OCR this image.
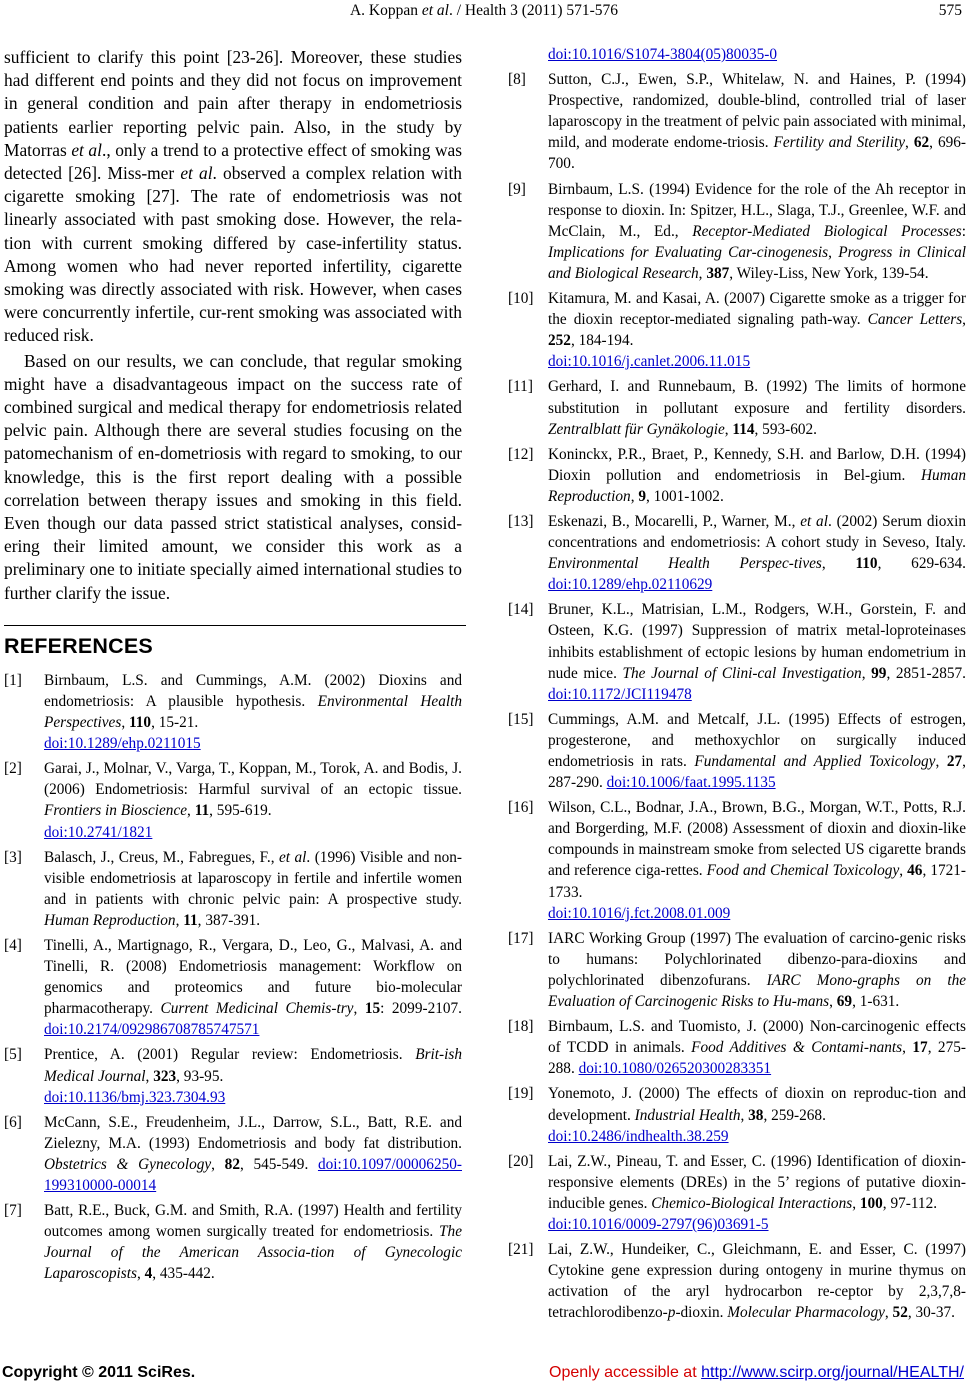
A. Koppan et al. / Health 3 (2011) 571-576	575

sufficient to clarify this point [23-26]. Moreover, these studies had different end points and they did not focus on improvement in general condition and pain after therapy in endometriosis patients earlier reporting pelvic pain. Also, in the study by Matorras et al., only a trend to a protective effect of smoking was detected [26]. Miss-mer et al. observed a complex relation with cigarette smoking [27]. The rate of endometriosis was not linearly associated with past smoking dose. However, the rela-tion with current smoking differed by case-infertility status. Among women who had never reported infertility, cigarette smoking was directly associated with risk. However, when cases were concurrently infertile, cur-rent smoking was associated with reduced risk.

Based on our results, we can conclude, that regular smoking might have a disadvantageous impact on the success rate of combined surgical and medical therapy for endometriosis related pelvic pain. Although there are several studies focusing on the patomechanism of en-dometriosis with regard to smoking, to our knowledge, this is the first report dealing with a possible correlation between therapy issues and smoking in this field. Even though our data passed strict statistical analyses, consid-ering their limited amount, we consider this work as a preliminary one to initiate specially aimed international studies to further clarify the issue.

REFERENCES
[1]	Birnbaum, L.S. and Cummings, A.M. (2002) Dioxins and endometriosis: A plausible hypothesis. Environmental Health Perspectives, 110, 15-21.
doi:10.1289/ehp.0211015
[2]	Garai, J., Molnar, V., Varga, T., Koppan, M., Torok, A. and Bodis, J. (2006) Endometriosis: Harmful survival of an ectopic tissue. Frontiers in Bioscience, 11, 595-619.
doi:10.2741/1821
[3]	Balasch, J., Creus, M., Fabregues, F., et al. (1996) Visible and non-visible endometriosis at laparoscopy in fertile and infertile women and in patients with chronic pelvic pain: A prospective study. Human Reproduction, 11, 387-391.
[4]	Tinelli, A., Martignago, R., Vergara, D., Leo, G., Malvasi, A. and Tinelli, R. (2008) Endometriosis management: Workflow on genomics and proteomics and future bio-molecular pharmacotherapy. Current Medicinal Chemis-try, 15: 2099-2107. doi:10.2174/092986708785747571
[5]	Prentice, A. (2001) Regular review: Endometriosis. Brit-ish Medical Journal, 323, 93-95.
doi:10.1136/bmj.323.7304.93
[6]	McCann, S.E., Freudenheim, J.L., Darrow, S.L., Batt, R.E. and Zielezny, M.A. (1993) Endometriosis and body fat distribution. Obstetrics & Gynecology, 82, 545-549. doi:10.1097/00006250-199310000-00014
[7]	Batt, R.E., Buck, G.M. and Smith, R.A. (1997) Health and fertility outcomes among women surgically treated for endometriosis. The Journal of the American Associa-tion of Gynecologic Laparoscopists, 4, 435-442.
doi:10.1016/S1074-3804(05)80035-0
[8]	Sutton, C.J., Ewen, S.P., Whitelaw, N. and Haines, P. (1994) Prospective, randomized, double-blind, controlled trial of laser laparoscopy in the treatment of pelvic pain associated with minimal, mild, and moderate endome-triosis. Fertility and Sterility, 62, 696-700.
[9]	Birnbaum, L.S. (1994) Evidence for the role of the Ah receptor in response to dioxin. In: Spitzer, H.L., Slaga, T.J., Greenlee, W.F. and McClain, M., Ed., Receptor-Mediated Biological Processes: Implications for Evaluating Car-cinogenesis, Progress in Clinical and Biological Research, 387, Wiley-Liss, New York, 139-54.
[10] Kitamura, M. and Kasai, A. (2007) Cigarette smoke as a trigger for the dioxin receptor-mediated signaling path-way. Cancer Letters, 252, 184-194.
doi:10.1016/j.canlet.2006.11.015
[11] Gerhard, I. and Runnebaum, B. (1992) The limits of hormone substitution in pollutant exposure and fertility disorders. Zentralblatt für Gynäkologie, 114, 593-602.
[12] Koninckx, P.R., Braet, P., Kennedy, S.H. and Barlow, D.H. (1994) Dioxin pollution and endometriosis in Bel-gium. Human Reproduction, 9, 1001-1002.
[13] Eskenazi, B., Mocarelli, P., Warner, M., et al. (2002) Serum dioxin concentrations and endometriosis: A cohort study in Seveso, Italy. Environmental Health Perspec-tives, 110, 629-634. doi:10.1289/ehp.02110629
[14] Bruner, K.L., Matrisian, L.M., Rodgers, W.H., Gorstein, F. and Osteen, K.G. (1997) Suppression of matrix metal-loproteinases inhibits establishment of ectopic lesions by human endometrium in nude mice. The Journal of Clini-cal Investigation, 99, 2851-2857. doi:10.1172/JCI119478
[15] Cummings, A.M. and Metcalf, J.L. (1995) Effects of estrogen, progesterone, and methoxychlor on surgically induced endometriosis in rats. Fundamental and Applied Toxicology, 27, 287-290. doi:10.1006/faat.1995.1135
[16] Wilson, C.L., Bodnar, J.A., Brown, B.G., Morgan, W.T., Potts, R.J. and Borgerding, M.F. (2008) Assessment of dioxin and dioxin-like compounds in mainstream smoke from selected US cigarette brands and reference ciga-rettes. Food and Chemical Toxicology, 46, 1721-1733.
doi:10.1016/j.fct.2008.01.009
[17] IARC Working Group (1997) The evaluation of carcino-genic risks to humans: Polychlorinated dibenzo-para-dioxins and polychlorinated dibenzofurans. IARC Mono-graphs on the Evaluation of Carcinogenic Risks to Hu-mans, 69, 1-631.
[18] Birnbaum, L.S. and Tuomisto, J. (2000) Non-carcinogenic effects of TCDD in animals. Food Additives & Contami-nants, 17, 275-288. doi:10.1080/026520300283351
[19] Yonemoto, J. (2000) The effects of dioxin on reproduc-tion and development. Industrial Health, 38, 259-268.
doi:10.2486/indhealth.38.259
[20] Lai, Z.W., Pineau, T. and Esser, C. (1996) Identification of dioxin-responsive elements (DREs) in the 5’ regions of putative dioxin-inducible genes. Chemico-Biological Interactions, 100, 97-112.
doi:10.1016/0009-2797(96)03691-5
[21] Lai, Z.W., Hundeiker, C., Gleichmann, E. and Esser, C. (1997) Cytokine gene expression during ontogeny in murine thymus on activation of the aryl hydrocarbon re-ceptor by 2,3,7,8-tetrachlorodibenzo-p-dioxin. Molecular Pharmacology, 52, 30-37.
Copyright © 2011 SciRes.	Openly accessible at http://www.scirp.org/journal/HEALTH/
